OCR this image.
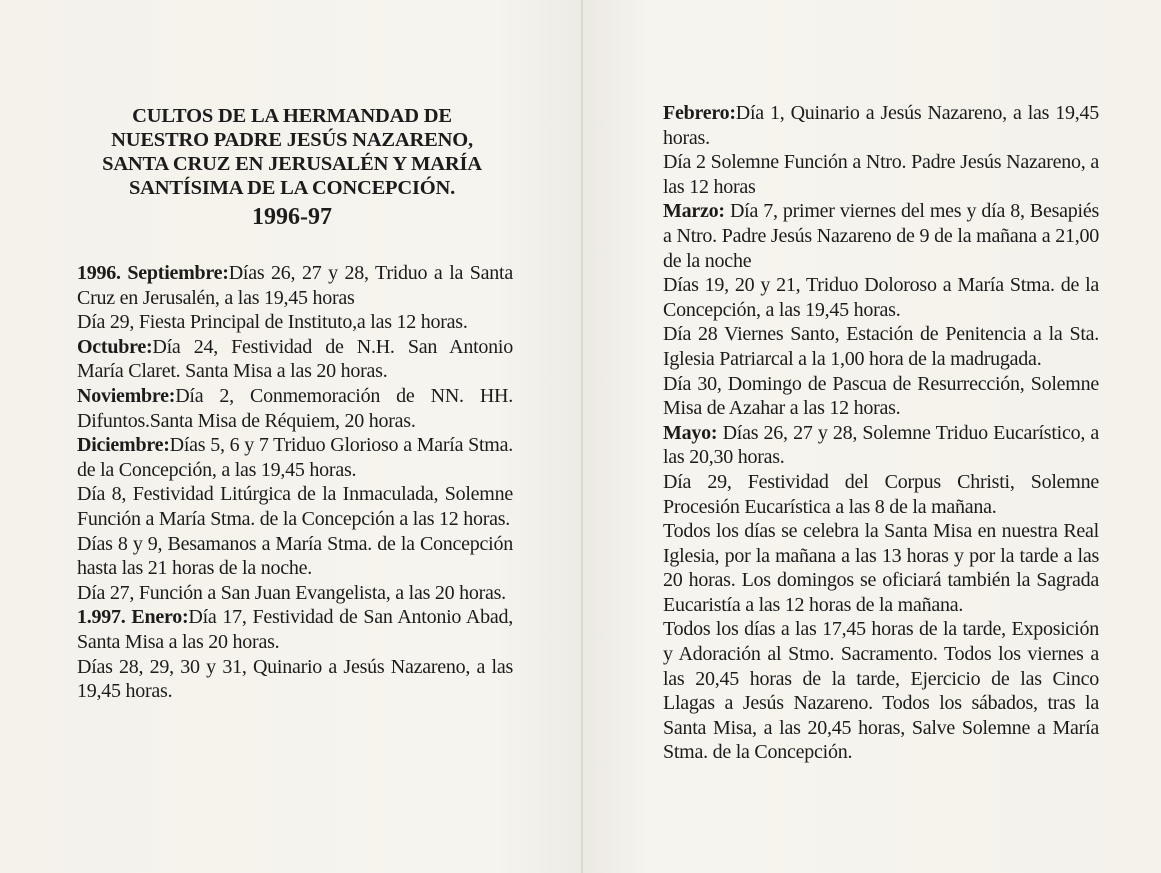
CULTOS DE LA HERMANDAD DE
NUESTRO PADRE JESÚS NAZARENO,
SANTA CRUZ EN JERUSALÉN Y MARÍA
SANTÍSIMA DE LA CONCEPCIÓN.
1996-97

1996. Septiembre:Días 26, 27 y 28, Triduo a la Santa Cruz en Jerusalén, a las 19,45 horas

Día 29, Fiesta Principal de Instituto,a las 12 horas.

Octubre:Día 24, Festividad de N.H. San Antonio María Claret. Santa Misa a las 20 horas.

Noviembre:Día 2, Conmemoración de NN. HH. Difuntos.Santa Misa de Réquiem, 20 horas.

Diciembre:Días 5, 6 y 7 Triduo Glorioso a María Stma. de la Concepción, a las 19,45 horas.

Día 8, Festividad Litúrgica de la Inmaculada, Solemne Función a María Stma. de la Concepción a las 12 horas.

Días 8 y 9, Besamanos a María Stma. de la Concepción hasta las 21 horas de la noche.

Día 27, Función a San Juan Evangelista, a las 20 horas.

1.997. Enero:Día 17, Festividad de San Antonio Abad, Santa Misa a las 20 horas.

Días 28, 29, 30 y 31, Quinario a Jesús Nazareno, a las 19,45 horas.

Febrero:Día 1, Quinario a Jesús Nazareno, a las 19,45 horas.

Día 2 Solemne Función a Ntro. Padre Jesús Nazareno, a las 12 horas

Marzo: Día 7, primer viernes del mes y día 8, Besapiés a Ntro. Padre Jesús Nazareno de 9 de la mañana a 21,00 de la noche

Días 19, 20 y 21, Triduo Doloroso a María Stma. de la Concepción, a las 19,45 horas.

Día 28 Viernes Santo, Estación de Penitencia a la Sta. Iglesia Patriarcal a la 1,00 hora de la madrugada.

Día 30, Domingo de Pascua de Resurrección, Solemne Misa de Azahar a las 12 horas.

Mayo: Días 26, 27 y 28, Solemne Triduo Eucarístico, a las 20,30 horas.

Día 29, Festividad del Corpus Christi, Solemne Procesión Eucarística a las 8 de la mañana.

Todos los días se celebra la Santa Misa en nuestra Real Iglesia, por la mañana a las 13 horas y por la tarde a las 20 horas. Los domingos se oficiará también la Sagrada Eucaristía a las 12 horas de la mañana.

Todos los días a las 17,45 horas de la tarde, Exposición y Adoración al Stmo. Sacramento. Todos los viernes a las 20,45 horas de la tarde, Ejercicio de las Cinco Llagas a Jesús Nazareno. Todos los sábados, tras la Santa Misa, a las 20,45 horas, Salve Solemne a María Stma. de la Concepción.
